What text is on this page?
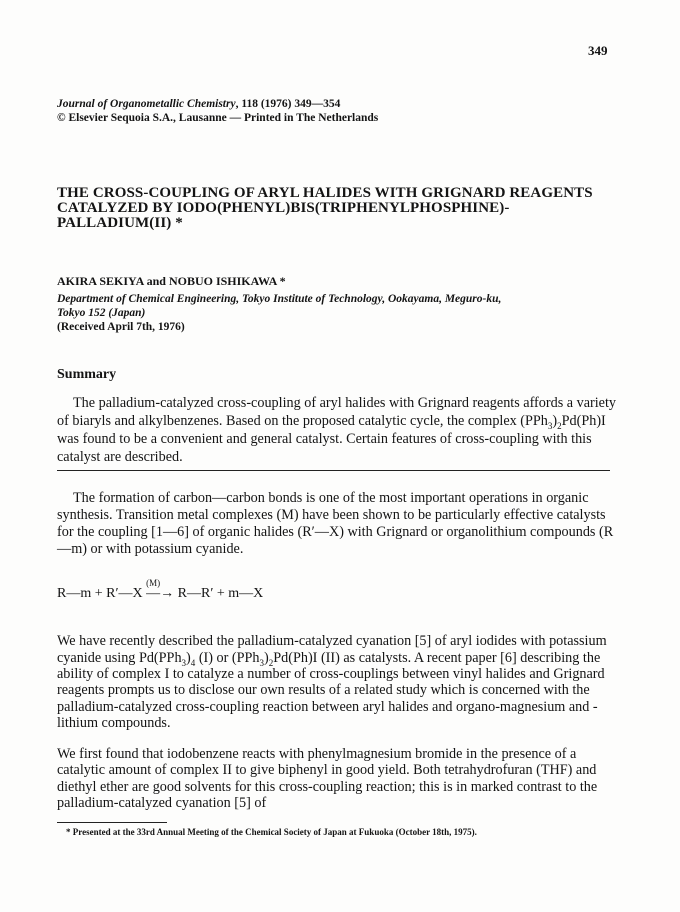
349
Journal of Organometallic Chemistry, 118 (1976) 349—354
© Elsevier Sequoia S.A., Lausanne — Printed in The Netherlands
THE CROSS-COUPLING OF ARYL HALIDES WITH GRIGNARD REAGENTS
CATALYZED BY IODO(PHENYL)BIS(TRIPHENYLPHOSPHINE)-
PALLADIUM(II) *
AKIRA SEKIYA and NOBUO ISHIKAWA *
Department of Chemical Engineering, Tokyo Institute of Technology, Ookayama, Meguro-ku,
Tokyo 152 (Japan)
(Received April 7th, 1976)
Summary

The palladium-catalyzed cross-coupling of aryl halides with Grignard reagents affords a variety of biaryls and alkylbenzenes. Based on the proposed catalytic cycle, the complex $(PPh_3)_2Pd(Ph)I$ was found to be a convenient and general catalyst. Certain features of cross-coupling with this catalyst are described.

The formation of carbon—carbon bonds is one of the most important operations in organic synthesis. Transition metal complexes (M) have been shown to be particularly effective catalysts for the coupling [1—6] of organic halides (R′—X) with Grignard or organolithium compounds (R—m) or with potassium cyanide.

R—m + R′—X
(M)
—→ R—R′ + m—X

We have recently described the palladium-catalyzed cyanation [5] of aryl iodides with potassium cyanide using $Pd(PPh_3)_4$ (I) or $(PPh_3)_2Pd(Ph)I$ (II) as catalysts. A recent paper [6] describing the ability of complex I to catalyze a number of cross-couplings between vinyl halides and Grignard reagents prompts us to disclose our own results of a related study which is concerned with the palladium-catalyzed cross-coupling reaction between aryl halides and organo-magnesium and -lithium compounds.

We first found that iodobenzene reacts with phenylmagnesium bromide in the presence of a catalytic amount of complex II to give biphenyl in good yield. Both tetrahydrofuran (THF) and diethyl ether are good solvents for this cross-coupling reaction; this is in marked contrast to the palladium-catalyzed cyanation [5] of

* Presented at the 33rd Annual Meeting of the Chemical Society of Japan at Fukuoka (October 18th, 1975).
